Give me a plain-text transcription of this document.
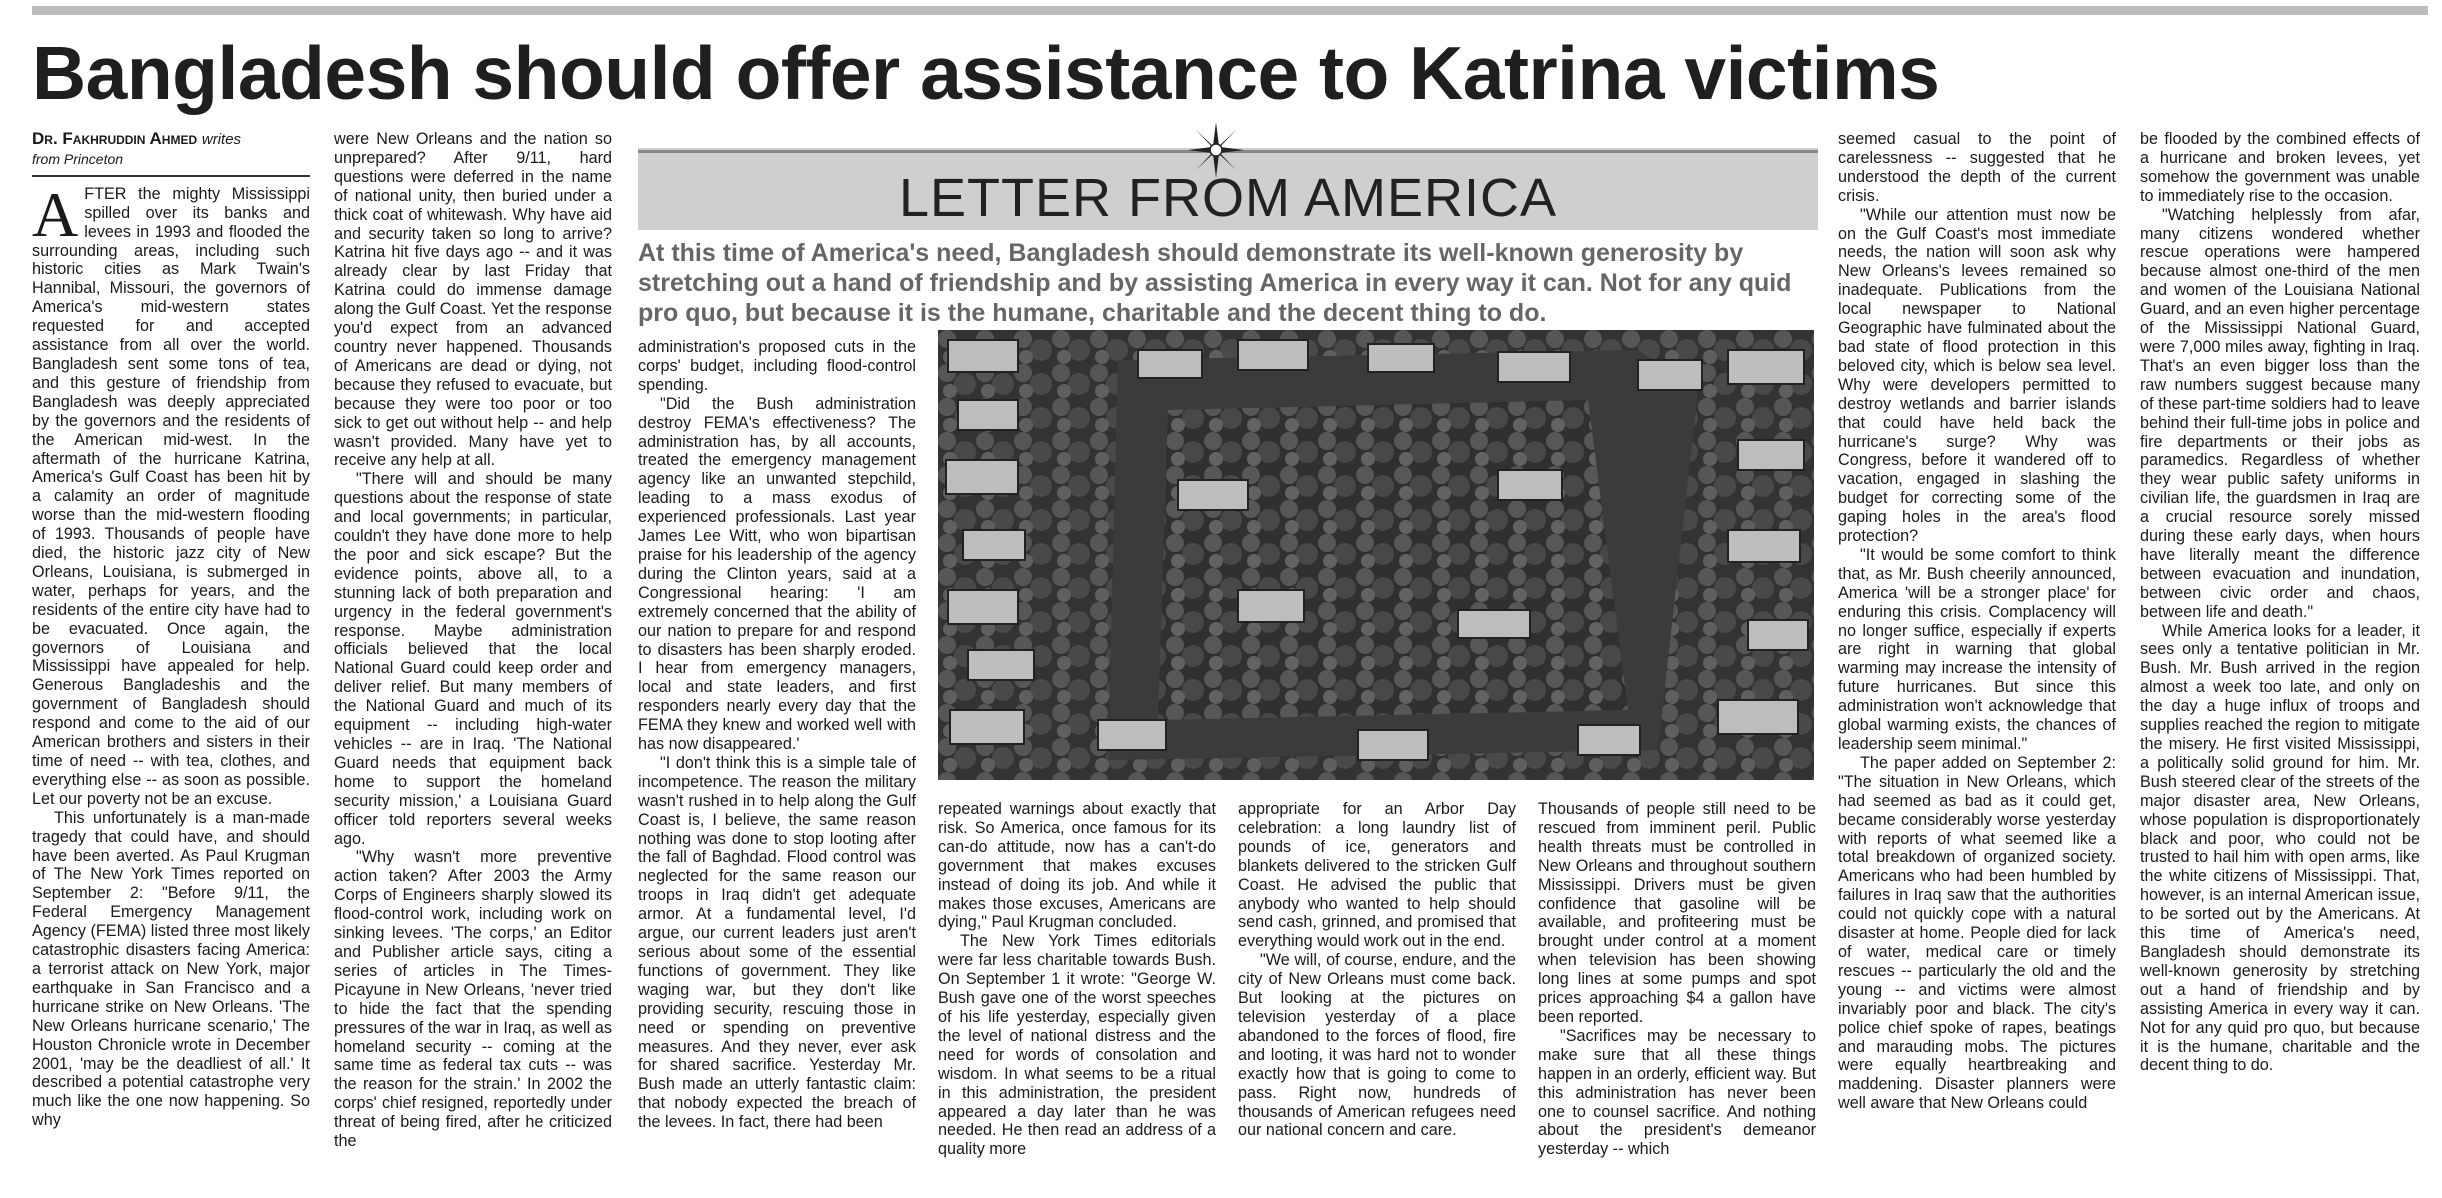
Bangladesh should offer assistance to Katrina victims

Dr. Fakhruddin Ahmed writes

from Princeton

AFTER the mighty Mississippi spilled over its banks and levees in 1993 and flooded the surrounding areas, including such historic cities as Mark Twain's Hannibal, Missouri, the governors of America's mid-western states requested for and accepted assistance from all over the world. Bangladesh sent some tons of tea, and this gesture of friendship from Bangladesh was deeply appreciated by the governors and the residents of the American mid-west. In the aftermath of the hurricane Katrina, America's Gulf Coast has been hit by a calamity an order of magnitude worse than the mid-western flooding of 1993. Thousands of people have died, the historic jazz city of New Orleans, Louisiana, is submerged in water, perhaps for years, and the residents of the entire city have had to be evacuated. Once again, the governors of Louisiana and Mississippi have appealed for help. Generous Bangladeshis and the government of Bangladesh should respond and come to the aid of our American brothers and sisters in their time of need -- with tea, clothes, and everything else -- as soon as possible. Let our poverty not be an excuse.

This unfortunately is a man-made tragedy that could have, and should have been averted. As Paul Krugman of The New York Times reported on September 2: "Before 9/11, the Federal Emergency Management Agency (FEMA) listed three most likely catastrophic disasters facing America: a terrorist attack on New York, major earthquake in San Francisco and a hurricane strike on New Orleans. 'The New Orleans hurricane scenario,' The Houston Chronicle wrote in December 2001, 'may be the deadliest of all.' It described a potential catastrophe very much like the one now happening. So why

were New Orleans and the nation so unprepared? After 9/11, hard questions were deferred in the name of national unity, then buried under a thick coat of whitewash. Why have aid and security taken so long to arrive? Katrina hit five days ago -- and it was already clear by last Friday that Katrina could do immense damage along the Gulf Coast. Yet the response you'd expect from an advanced country never happened. Thousands of Americans are dead or dying, not because they refused to evacuate, but because they were too poor or too sick to get out without help -- and help wasn't provided. Many have yet to receive any help at all.

"There will and should be many questions about the response of state and local governments; in particular, couldn't they have done more to help the poor and sick escape? But the evidence points, above all, to a stunning lack of both preparation and urgency in the federal government's response. Maybe administration officials believed that the local National Guard could keep order and deliver relief. But many members of the National Guard and much of its equipment -- including high-water vehicles -- are in Iraq. 'The National Guard needs that equipment back home to support the homeland security mission,' a Louisiana Guard officer told reporters several weeks ago.

"Why wasn't more preventive action taken? After 2003 the Army Corps of Engineers sharply slowed its flood-control work, including work on sinking levees. 'The corps,' an Editor and Publisher article says, citing a series of articles in The Times-Picayune in New Orleans, 'never tried to hide the fact that the spending pressures of the war in Iraq, as well as homeland security -- coming at the same time as federal tax cuts -- was the reason for the strain.' In 2002 the corps' chief resigned, reportedly under threat of being fired, after he criticized the

LETTER FROM AMERICA

At this time of America's need, Bangladesh should demonstrate its well-known generosity by stretching out a hand of friendship and by assisting America in every way it can. Not for any quid pro quo, but because it is the humane, charitable and the decent thing to do.

administration's proposed cuts in the corps' budget, including flood-control spending.

"Did the Bush administration destroy FEMA's effectiveness? The administration has, by all accounts, treated the emergency management agency like an unwanted stepchild, leading to a mass exodus of experienced professionals. Last year James Lee Witt, who won bipartisan praise for his leadership of the agency during the Clinton years, said at a Congressional hearing: 'I am extremely concerned that the ability of our nation to prepare for and respond to disasters has been sharply eroded. I hear from emergency managers, local and state leaders, and first responders nearly every day that the FEMA they knew and worked well with has now disappeared.'

"I don't think this is a simple tale of incompetence. The reason the military wasn't rushed in to help along the Gulf Coast is, I believe, the same reason nothing was done to stop looting after the fall of Baghdad. Flood control was neglected for the same reason our troops in Iraq didn't get adequate armor. At a fundamental level, I'd argue, our current leaders just aren't serious about some of the essential functions of government. They like waging war, but they don't like providing security, rescuing those in need or spending on preventive measures. And they never, ever ask for shared sacrifice. Yesterday Mr. Bush made an utterly fantastic claim: that nobody expected the breach of the levees. In fact, there had been

repeated warnings about exactly that risk. So America, once famous for its can-do attitude, now has a can't-do government that makes excuses instead of doing its job. And while it makes those excuses, Americans are dying," Paul Krugman concluded.

The New York Times editorials were far less charitable towards Bush. On September 1 it wrote: "George W. Bush gave one of the worst speeches of his life yesterday, especially given the level of national distress and the need for words of consolation and wisdom. In what seems to be a ritual in this administration, the president appeared a day later than he was needed. He then read an address of a quality more

appropriate for an Arbor Day celebration: a long laundry list of pounds of ice, generators and blankets delivered to the stricken Gulf Coast. He advised the public that anybody who wanted to help should send cash, grinned, and promised that everything would work out in the end.

"We will, of course, endure, and the city of New Orleans must come back. But looking at the pictures on television yesterday of a place abandoned to the forces of flood, fire and looting, it was hard not to wonder exactly how that is going to come to pass. Right now, hundreds of thousands of American refugees need our national concern and care.

Thousands of people still need to be rescued from imminent peril. Public health threats must be controlled in New Orleans and throughout southern Mississippi. Drivers must be given confidence that gasoline will be available, and profiteering must be brought under control at a moment when television has been showing long lines at some pumps and spot prices approaching $4 a gallon have been reported.

"Sacrifices may be necessary to make sure that all these things happen in an orderly, efficient way. But this administration has never been one to counsel sacrifice. And nothing about the president's demeanor yesterday -- which

seemed casual to the point of carelessness -- suggested that he understood the depth of the current crisis.

"While our attention must now be on the Gulf Coast's most immediate needs, the nation will soon ask why New Orleans's levees remained so inadequate. Publications from the local newspaper to National Geographic have fulminated about the bad state of flood protection in this beloved city, which is below sea level. Why were developers permitted to destroy wetlands and barrier islands that could have held back the hurricane's surge? Why was Congress, before it wandered off to vacation, engaged in slashing the budget for correcting some of the gaping holes in the area's flood protection?

"It would be some comfort to think that, as Mr. Bush cheerily announced, America 'will be a stronger place' for enduring this crisis. Complacency will no longer suffice, especially if experts are right in warning that global warming may increase the intensity of future hurricanes. But since this administration won't acknowledge that global warming exists, the chances of leadership seem minimal."

The paper added on September 2: "The situation in New Orleans, which had seemed as bad as it could get, became considerably worse yesterday with reports of what seemed like a total breakdown of organized society. Americans who had been humbled by failures in Iraq saw that the authorities could not quickly cope with a natural disaster at home. People died for lack of water, medical care or timely rescues -- particularly the old and the young -- and victims were almost invariably poor and black. The city's police chief spoke of rapes, beatings and marauding mobs. The pictures were equally heartbreaking and maddening. Disaster planners were well aware that New Orleans could

be flooded by the combined effects of a hurricane and broken levees, yet somehow the government was unable to immediately rise to the occasion.

"Watching helplessly from afar, many citizens wondered whether rescue operations were hampered because almost one-third of the men and women of the Louisiana National Guard, and an even higher percentage of the Mississippi National Guard, were 7,000 miles away, fighting in Iraq. That's an even bigger loss than the raw numbers suggest because many of these part-time soldiers had to leave behind their full-time jobs in police and fire departments or their jobs as paramedics. Regardless of whether they wear public safety uniforms in civilian life, the guardsmen in Iraq are a crucial resource sorely missed during these early days, when hours have literally meant the difference between evacuation and inundation, between civic order and chaos, between life and death."

While America looks for a leader, it sees only a tentative politician in Mr. Bush. Mr. Bush arrived in the region almost a week too late, and only on the day a huge influx of troops and supplies reached the region to mitigate the misery. He first visited Mississippi, a politically solid ground for him. Mr. Bush steered clear of the streets of the major disaster area, New Orleans, whose population is disproportionately black and poor, who could not be trusted to hail him with open arms, like the white citizens of Mississippi. That, however, is an internal American issue, to be sorted out by the Americans. At this time of America's need, Bangladesh should demonstrate its well-known generosity by stretching out a hand of friendship and by assisting America in every way it can. Not for any quid pro quo, but because it is the humane, charitable and the decent thing to do.
